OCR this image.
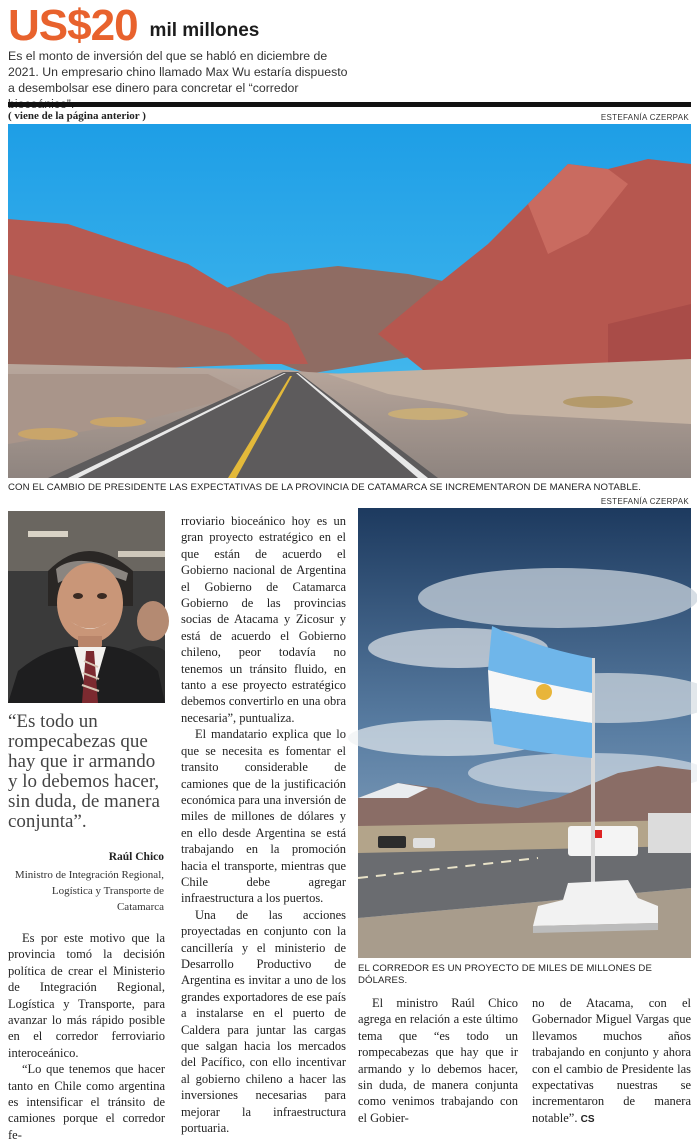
US$20 mil millones
Es el monto de inversión del que se habló en diciembre de 2021. Un empresario chino llamado Max Wu estaría dispuesto a desembolsar ese dinero para concretar el “corredor
( viene de la página anterior )	ESTEFANÍA CZERPAK
CON EL CAMBIO DE PRESIDENTE LAS EXPECTATIVAS DE LA PROVINCIA DE CATAMARCA SE INCREMENTARON DE MANERA NOTABLE.
ESTEFANÍA CZERPAK
EL CORREDOR ES UN PROYECTO DE MILES DE MILLONES DE DÓLARES.
“Es todo un rompecabezas que hay que ir armando y lo debemos hacer, sin duda, de manera conjunta”.
Raúl Chico
Ministro de Integración Regional, Logística y Transporte de Catamarca

Es por este motivo que la provincia tomó la decisión política de crear el Ministerio de Integración Regional, Logística y Transporte, para avanzar lo más rápido posible en el corredor ferroviario interoceánico.

“Lo que tenemos que hacer tanto en Chile como argentina es intensificar el tránsito de camiones porque el corredor fe-

rroviario bioceánico hoy es un gran proyecto estratégico en el que están de acuerdo el Gobierno nacional de Argentina el Gobierno de Catamarca Gobierno de las provincias socias de Atacama y Zicosur y está de acuerdo el Gobierno chileno, peor todavía no tenemos un tránsito fluido, en tanto a ese proyecto estratégico debemos convertirlo en una obra necesaria”, puntualiza.

El mandatario explica que lo que se necesita es fomentar el transito considerable de camiones que de la justificación económica para una inversión de miles de millones de dólares y en ello desde Argentina se está trabajando en la promoción hacia el transporte, mientras que Chile debe agregar infraestructura a los puertos.

Una de las acciones proyectadas en conjunto con la cancillería y el ministerio de Desarrollo Productivo de Argentina es invitar a uno de los grandes exportadores de ese país a instalarse en el puerto de Caldera para juntar las cargas que salgan hacia los mercados del Pacífico, con ello incentivar al gobierno chileno a hacer las inversiones necesarias para mejorar la infraestructura portuaria.

El ministro Raúl Chico agrega en relación a este último tema que “es todo un rompecabezas que hay que ir armando y lo debemos hacer, sin duda, de manera conjunta como venimos trabajando con el Gobier-

no de Atacama, con el Gobernador Miguel Vargas que llevamos muchos años trabajando en conjunto y ahora con el cambio de Presidente las expectativas nuestras se incrementaron de manera notable”. CS
